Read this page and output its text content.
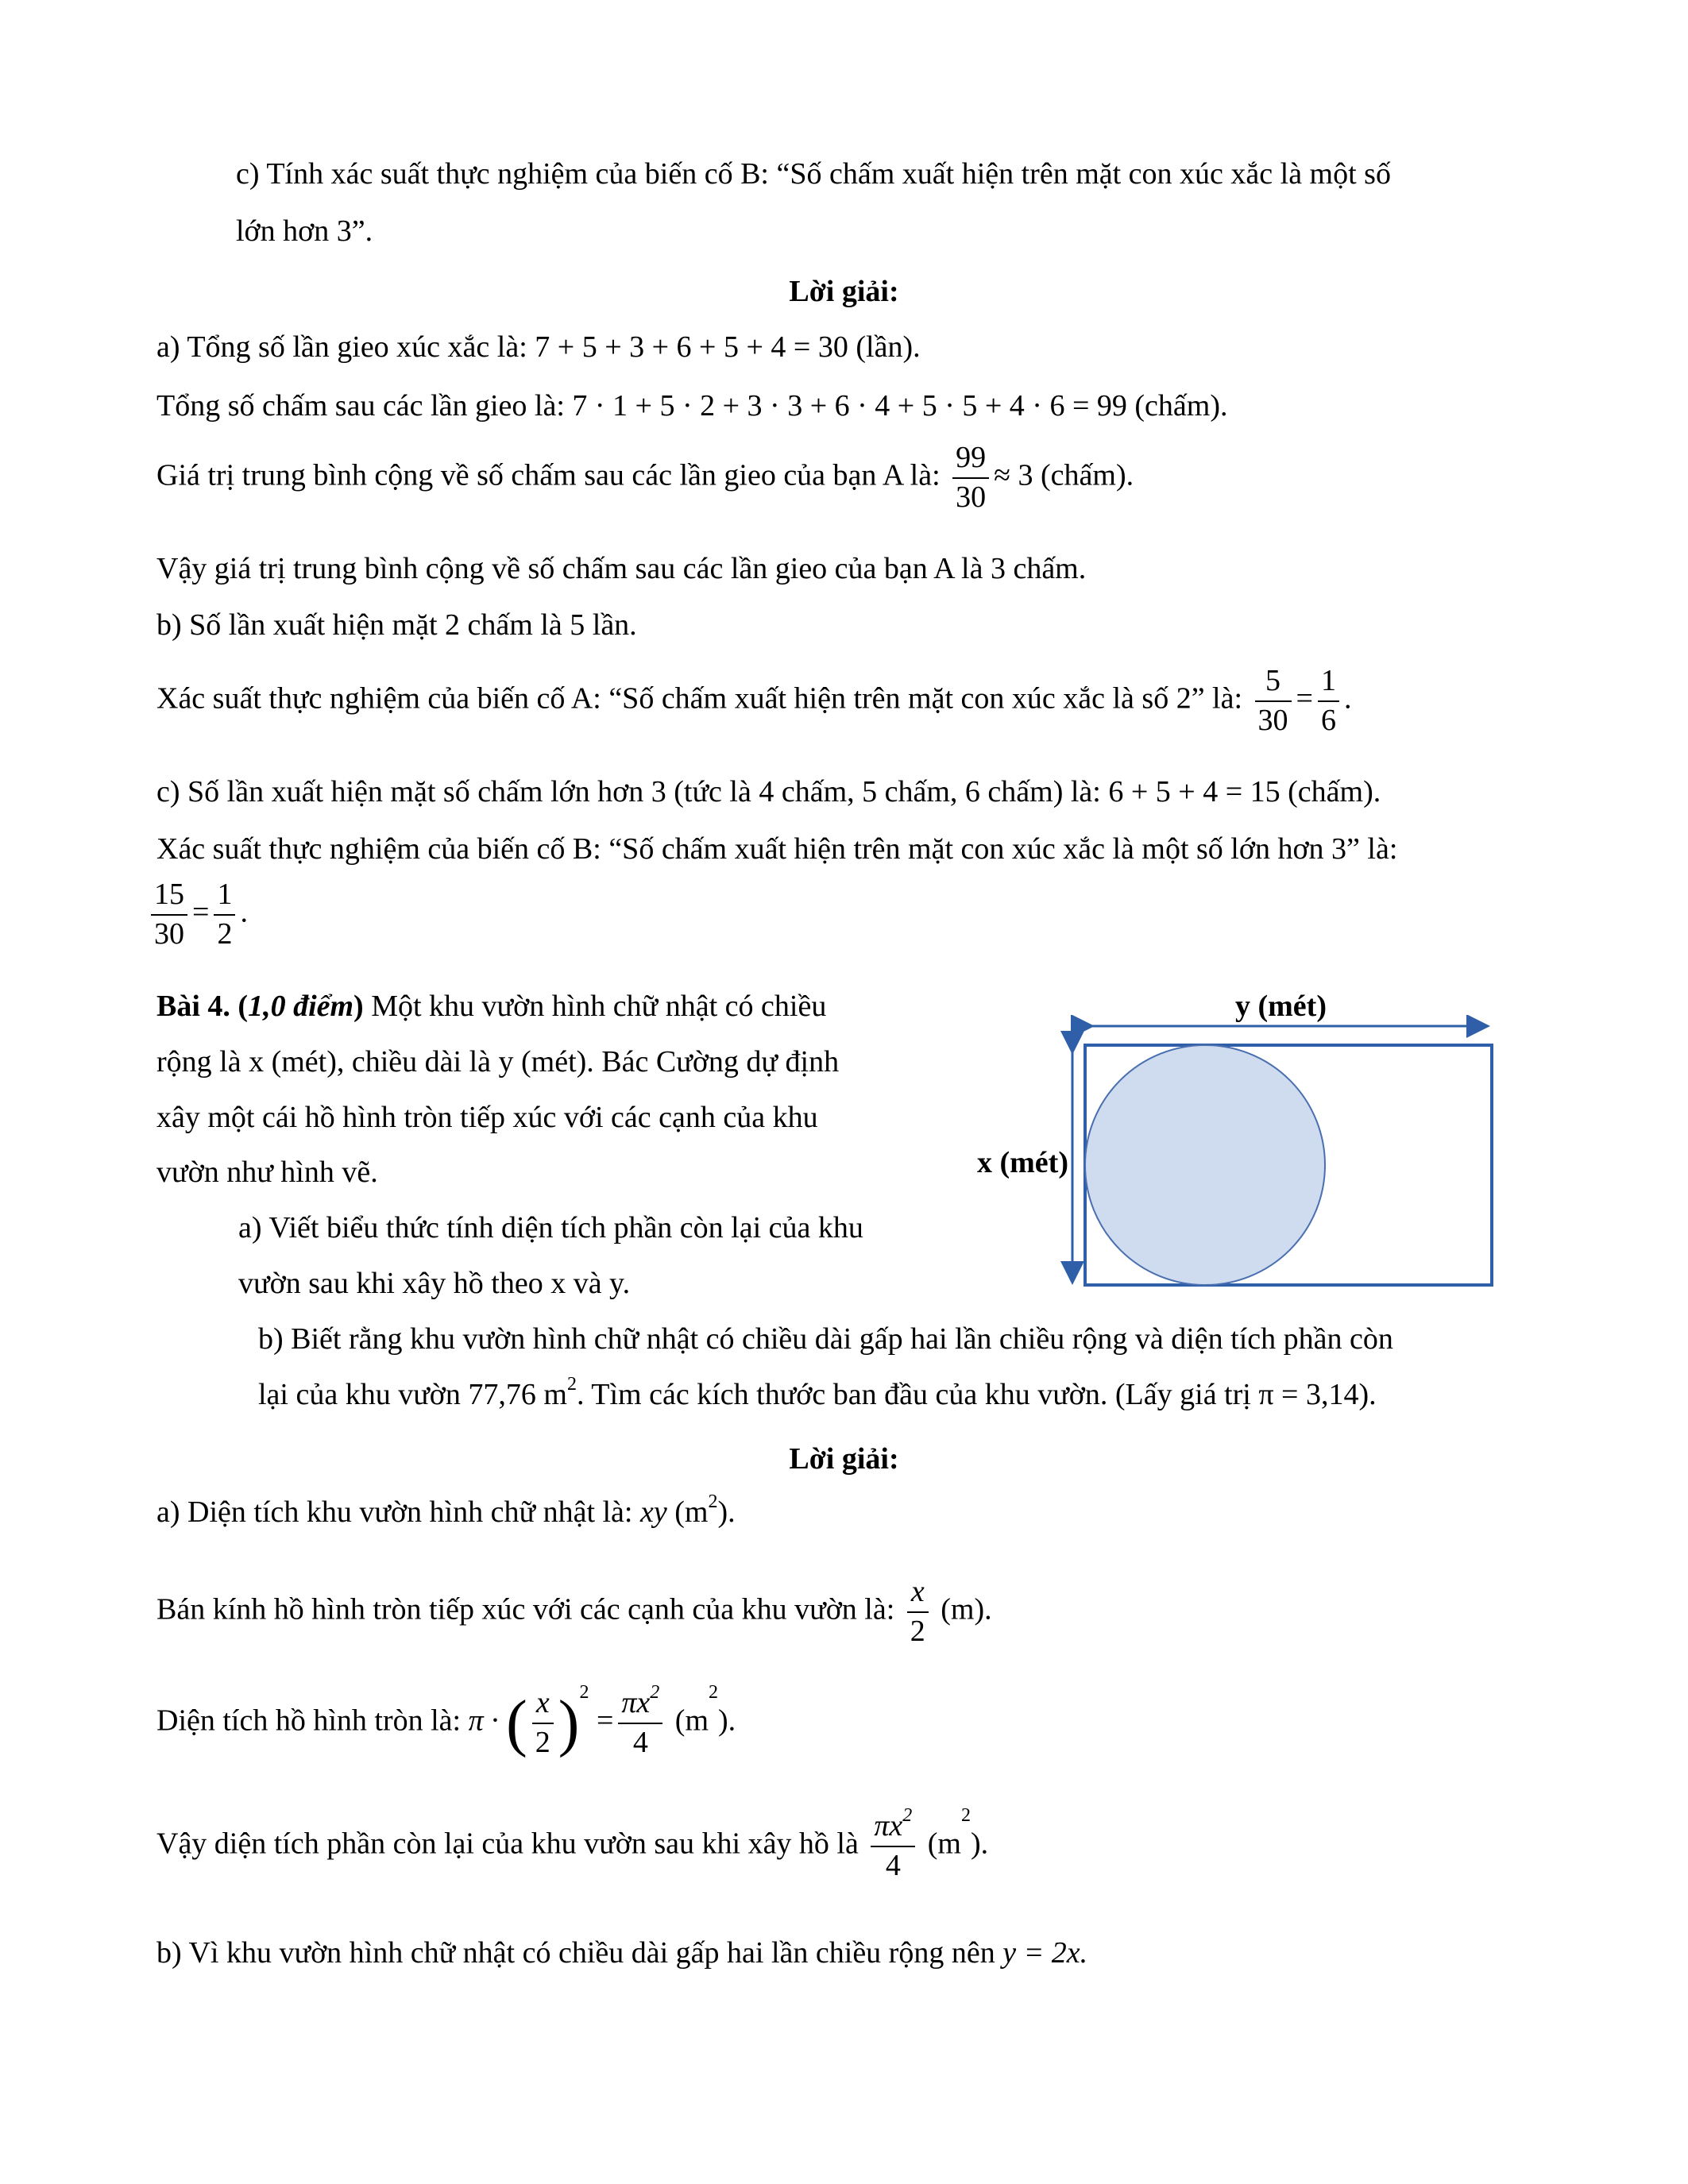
c) Tính xác suất thực nghiệm của biến cố B: “Số chấm xuất hiện trên mặt con xúc xắc là một số
lớn hơn 3”.
Lời giải:
a) Tổng số lần gieo xúc xắc là: 7 + 5 + 3 + 6 + 5 + 4 = 30 (lần).
Tổng số chấm sau các lần gieo là: 7 · 1 + 5 · 2 + 3 · 3 + 6 · 4 + 5 · 5 + 4 · 6 = 99 (chấm).
Giá trị trung bình cộng về số chấm sau các lần gieo của bạn A là: $\frac{99}{30} \approx 3$ (chấm).
Vậy giá trị trung bình cộng về số chấm sau các lần gieo của bạn A là 3 chấm.
b) Số lần xuất hiện mặt 2 chấm là 5 lần.
Xác suất thực nghiệm của biến cố A: “Số chấm xuất hiện trên mặt con xúc xắc là số 2” là: $\frac{5}{30} = \frac{1}{6}$ .
c) Số lần xuất hiện mặt số chấm lớn hơn 3 (tức là 4 chấm, 5 chấm, 6 chấm) là: 6 + 5 + 4 = 15 (chấm).
Xác suất thực nghiệm của biến cố B: “Số chấm xuất hiện trên mặt con xúc xắc là một số lớn hơn 3” là:
$\frac{15}{30} = \frac{1}{2}$ .
Bài 4. (1,0 điểm) Một khu vườn hình chữ nhật có chiều
rộng là x (mét), chiều dài là y (mét). Bác Cường dự định
xây một cái hồ hình tròn tiếp xúc với các cạnh của khu
vườn như hình vẽ.
a) Viết biểu thức tính diện tích phần còn lại của khu
vườn sau khi xây hồ theo x và y.
y (mét)
x (mét)
b) Biết rằng khu vườn hình chữ nhật có chiều dài gấp hai lần chiều rộng và diện tích phần còn
lại của khu vườn 77,76 $m^2$. Tìm các kích thước ban đầu của khu vườn. (Lấy giá trị π = 3,14).
Lời giải:
a) Diện tích khu vườn hình chữ nhật là: xy $(m^2)$.
Bán kính hồ hình tròn tiếp xúc với các cạnh của khu vườn là: $\frac{x}{2} (m)$.
Diện tích hồ hình tròn là: π · ( $\frac{x}{2} )^2 = \frac{\pi x^2}{4} (m^2)$.
Vậy diện tích phần còn lại của khu vườn sau khi xây hồ là $\frac{\pi x^2}{4} (m^2)$.
b) Vì khu vườn hình chữ nhật có chiều dài gấp hai lần chiều rộng nên y = 2x.
